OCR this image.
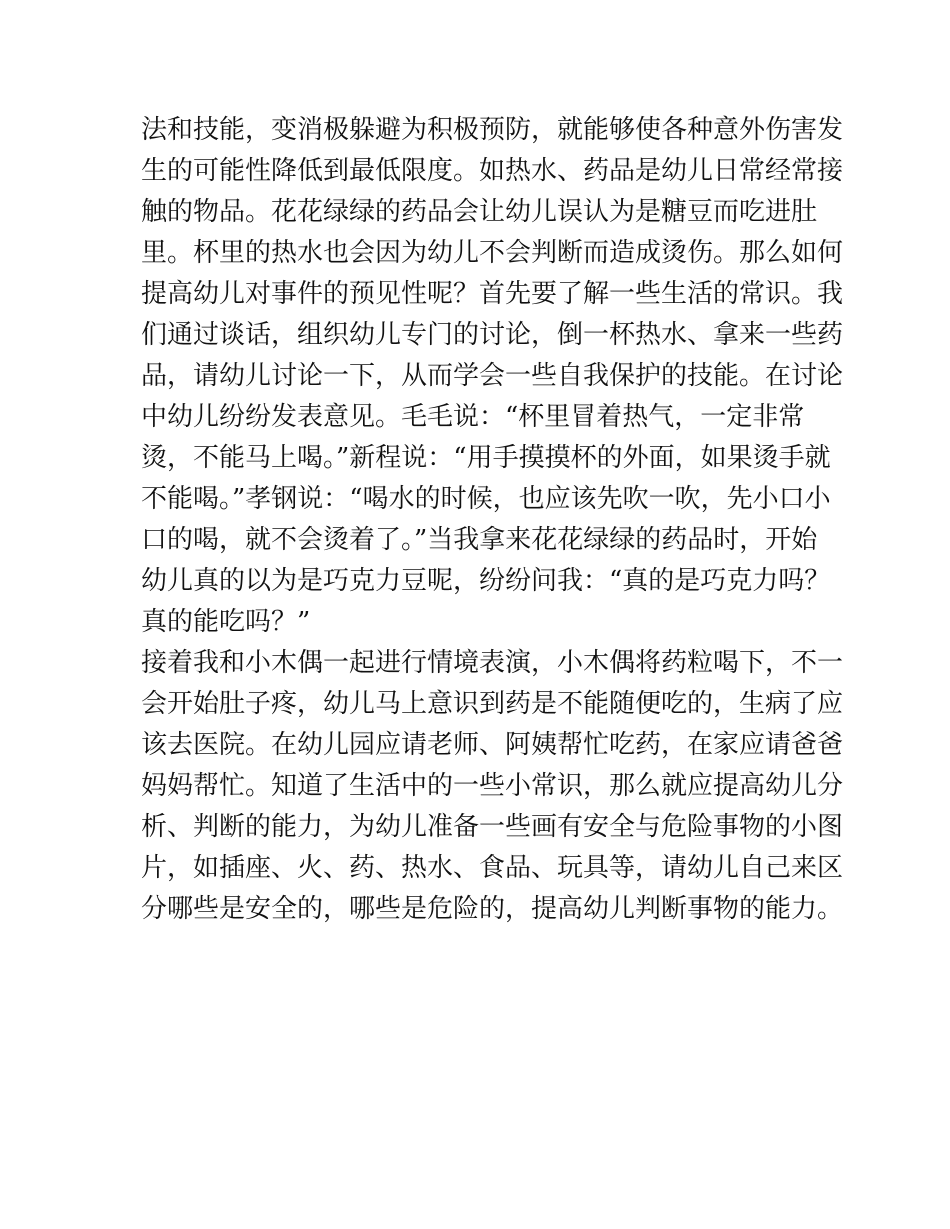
法和技能，变消极躲避为积极预防，就能够使各种意外伤害发
生的可能性降低到最低限度。如热水、药品是幼儿日常经常接
触的物品。花花绿绿的药品会让幼儿误认为是糖豆而吃进肚
里。杯里的热水也会因为幼儿不会判断而造成烫伤。那么如何
提高幼儿对事件的预见性呢？首先要了解一些生活的常识。我
们通过谈话，组织幼儿专门的讨论，倒一杯热水、拿来一些药
品，请幼儿讨论一下，从而学会一些自我保护的技能。在讨论
中幼儿纷纷发表意见。毛毛说：“杯里冒着热气，一定非常
烫，不能马上喝。”新程说：“用手摸摸杯的外面，如果烫手就
不能喝。”孝钢说：“喝水的时候，也应该先吹一吹，先小口小
口的喝，就不会烫着了。”当我拿来花花绿绿的药品时，开始
幼儿真的以为是巧克力豆呢，纷纷问我：“真的是巧克力吗？
真的能吃吗？”
接着我和小木偶一起进行情境表演，小木偶将药粒喝下，不一
会开始肚子疼，幼儿马上意识到药是不能随便吃的，生病了应
该去医院。在幼儿园应请老师、阿姨帮忙吃药，在家应请爸爸
妈妈帮忙。知道了生活中的一些小常识，那么就应提高幼儿分
析、判断的能力，为幼儿准备一些画有安全与危险事物的小图
片，如插座、火、药、热水、食品、玩具等，请幼儿自己来区
分哪些是安全的，哪些是危险的，提高幼儿判断事物的能力。
